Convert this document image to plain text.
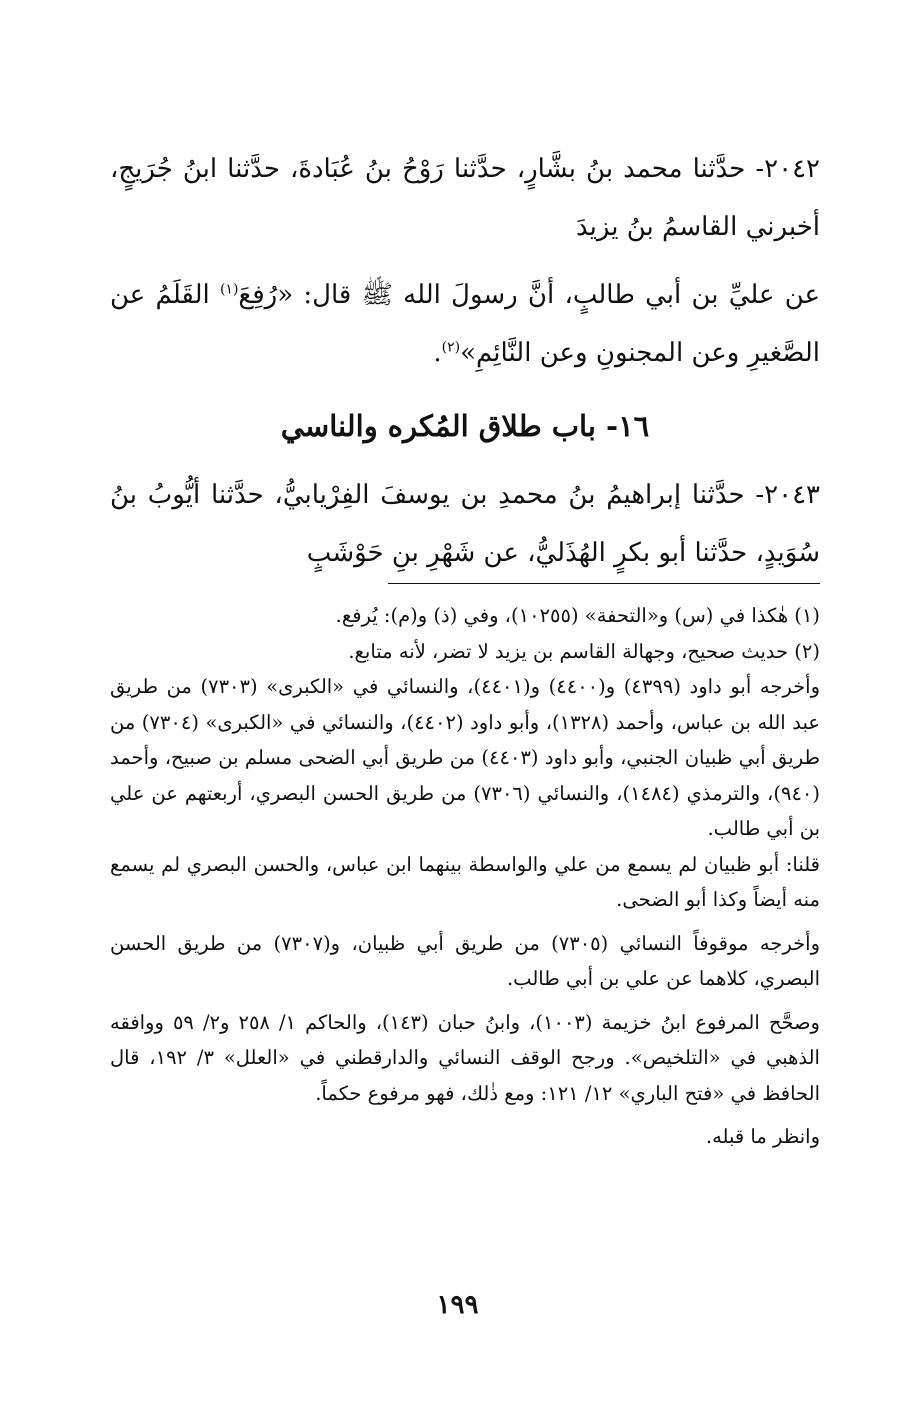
٢٠٤٢- حدَّثنا محمد بنُ بشَّارٍ، حدَّثنا رَوْحُ بنُ عُبَادةَ، حدَّثنا ابنُ جُرَيجٍ، أخبرني القاسمُ بنُ يزيدَ

عن عليِّ بن أبي طالبٍ، أنَّ رسولَ الله ﷺ قال: «رُفِعَ$^{(١)}$ القَلَمُ عن الصَّغيرِ وعن المجنونِ وعن النَّائِمِ»$^{(٢)}$.

١٦- باب طلاق المُكره والناسي

٢٠٤٣- حدَّثنا إبراهيمُ بنُ محمدِ بن يوسفَ الفِرْيابيُّ، حدَّثنا أيُّوبُ بنُ سُوَيدٍ، حدَّثنا أبو بكرٍ الهُذَليُّ، عن شَهْرِ بنِ حَوْشَبٍ

(١) هٰكذا في (س) و«التحفة» (١٠٢٥٥)، وفي (ذ) و(م): يُرفع.

(٢) حديث صحيح، وجهالة القاسم بن يزيد لا تضر، لأنه متابع.

وأخرجه أبو داود (٤٣٩٩) و(٤٤٠٠) و(٤٤٠١)، والنسائي في «الكبرى» (٧٣٠٣) من طريق عبد الله بن عباس، وأحمد (١٣٢٨)، وأبو داود (٤٤٠٢)، والنسائي في «الكبرى» (٧٣٠٤) من طريق أبي ظبيان الجنبي، وأبو داود (٤٤٠٣) من طريق أبي الضحى مسلم بن صبيح، وأحمد (٩٤٠)، والترمذي (١٤٨٤)، والنسائي (٧٣٠٦) من طريق الحسن البصري، أربعتهم عن علي بن أبي طالب.

قلنا: أبو ظبيان لم يسمع من علي والواسطة بينهما ابن عباس، والحسن البصري لم يسمع منه أيضاً وكذا أبو الضحى.

وأخرجه موقوفاً النسائي (٧٣٠٥) من طريق أبي ظبيان، و(٧٣٠٧) من طريق الحسن البصري، كلاهما عن علي بن أبي طالب.

وصحَّح المرفوع ابنُ خزيمة (١٠٠٣)، وابنُ حبان (١٤٣)، والحاكم ١/ ٢٥٨ و٢/ ٥٩ ووافقه الذهبي في «التلخيص». ورجح الوقف النسائي والدارقطني في «العلل» ٣/ ١٩٢، قال الحافظ في «فتح الباري» ١٢/ ١٢١: ومع ذٰلك، فهو مرفوع حكماً.

وانظر ما قبله.

١٩٩
